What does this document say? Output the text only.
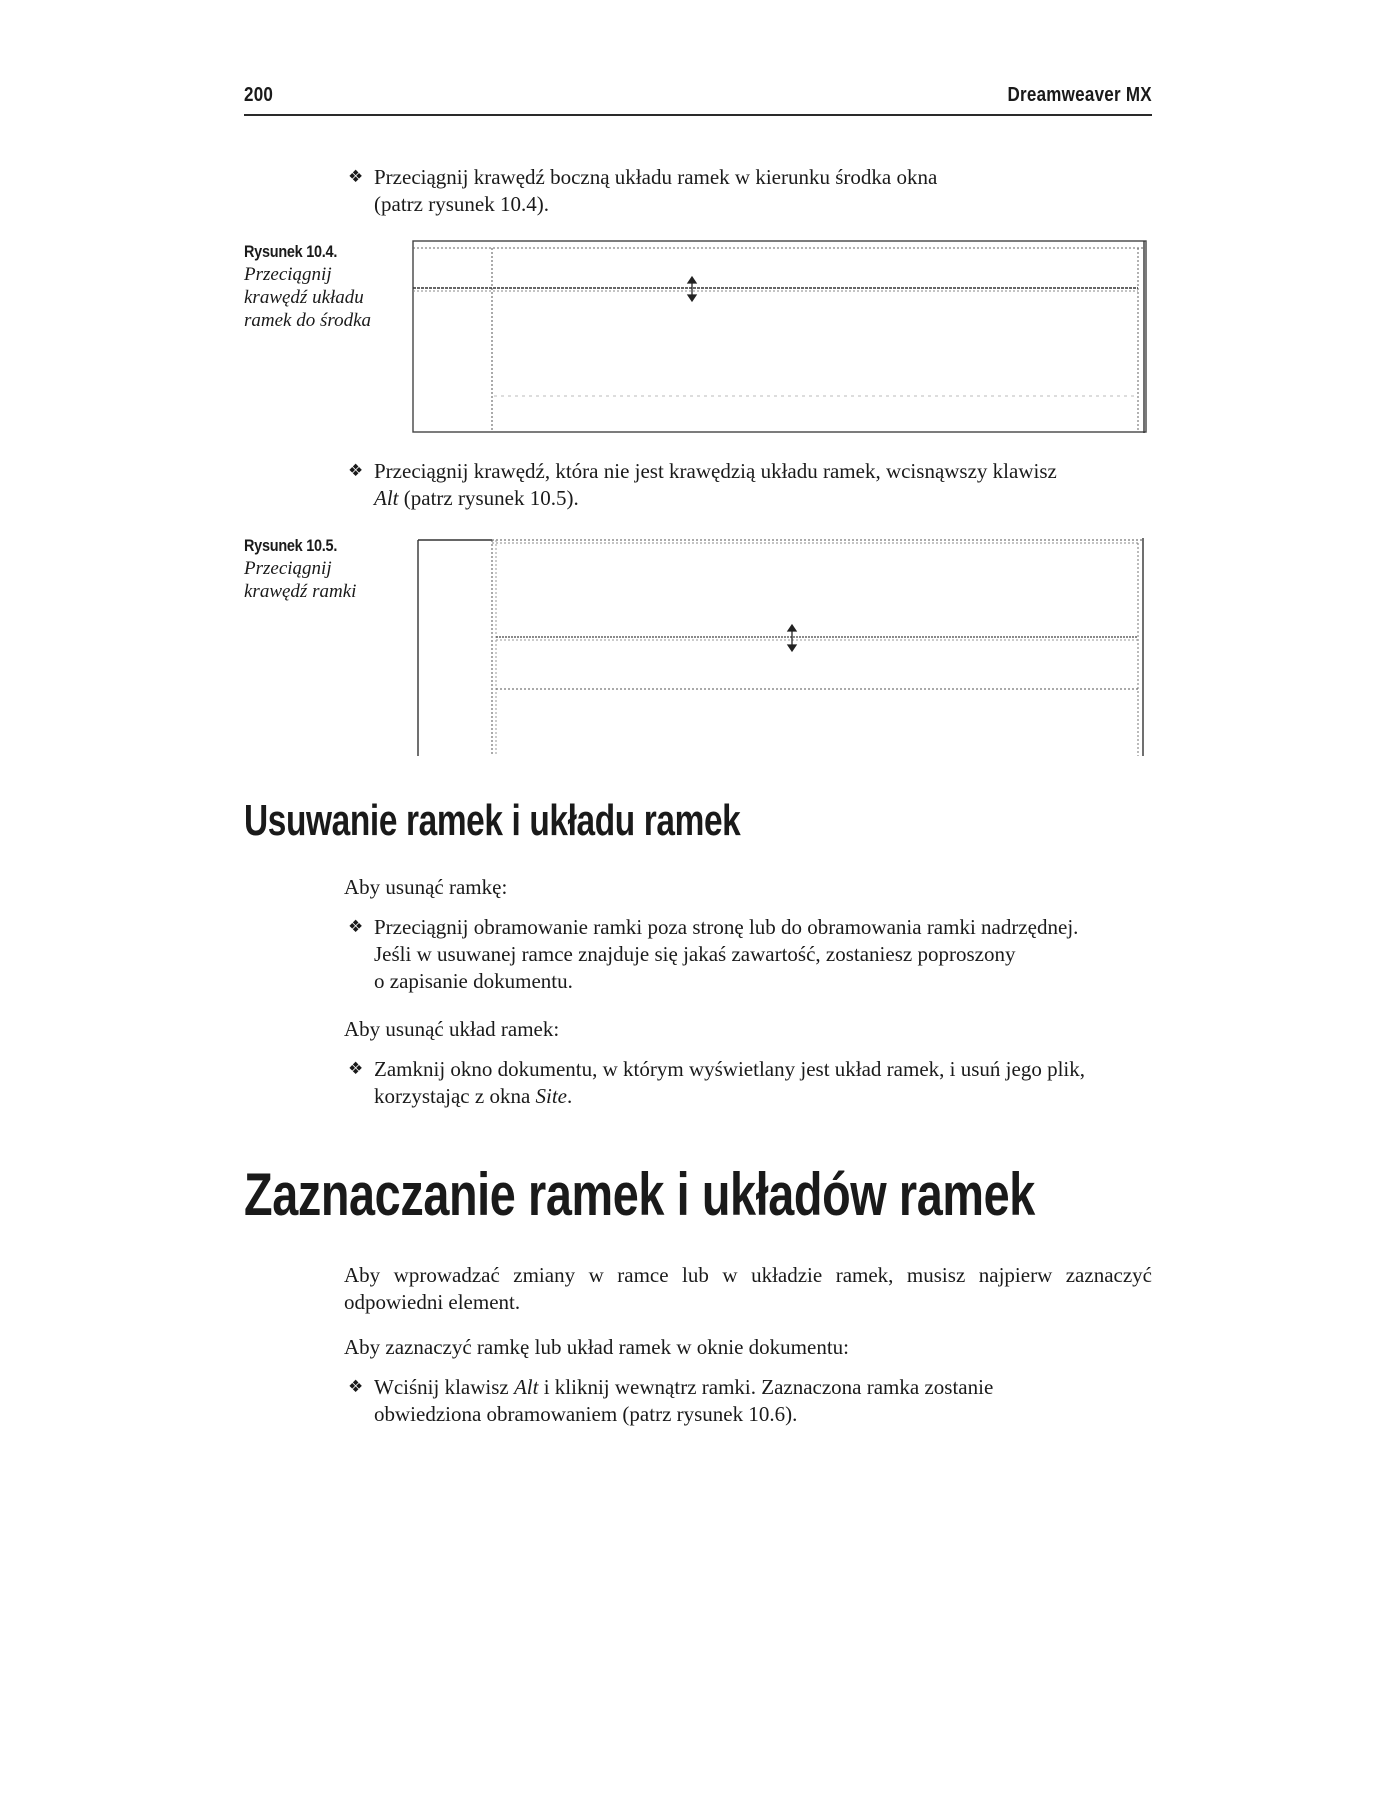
200	Dreamweaver MX
❖ Przeciągnij krawędź boczną układu ramek w kierunku środka okna

(patrz rysunek 10.4).

Rysunek 10.4.

Przeciągnij

krawędź układu

ramek do środka

❖ Przeciągnij krawędź, która nie jest krawędzią układu ramek, wcisnąwszy klawisz

Alt (patrz rysunek 10.5).

Rysunek 10.5.

Przeciągnij

krawędź ramki

Usuwanie ramek i układu ramek
Aby usunąć ramkę:
❖ Przeciągnij obramowanie ramki poza stronę lub do obramowania ramki nadrzędnej.

Jeśli w usuwanej ramce znajduje się jakaś zawartość, zostaniesz poproszony

o zapisanie dokumentu.

Aby usunąć układ ramek:
❖ Zamknij okno dokumentu, w którym wyświetlany jest układ ramek, i usuń jego plik,

korzystając z okna Site.

Zaznaczanie ramek i układów ramek
Aby wprowadzać zmiany w ramce lub w układzie ramek, musisz najpierw zaznaczyć
odpowiedni element.
Aby zaznaczyć ramkę lub układ ramek w oknie dokumentu:
❖ Wciśnij klawisz Alt i kliknij wewnątrz ramki. Zaznaczona ramka zostanie

obwiedziona obramowaniem (patrz rysunek 10.6).
